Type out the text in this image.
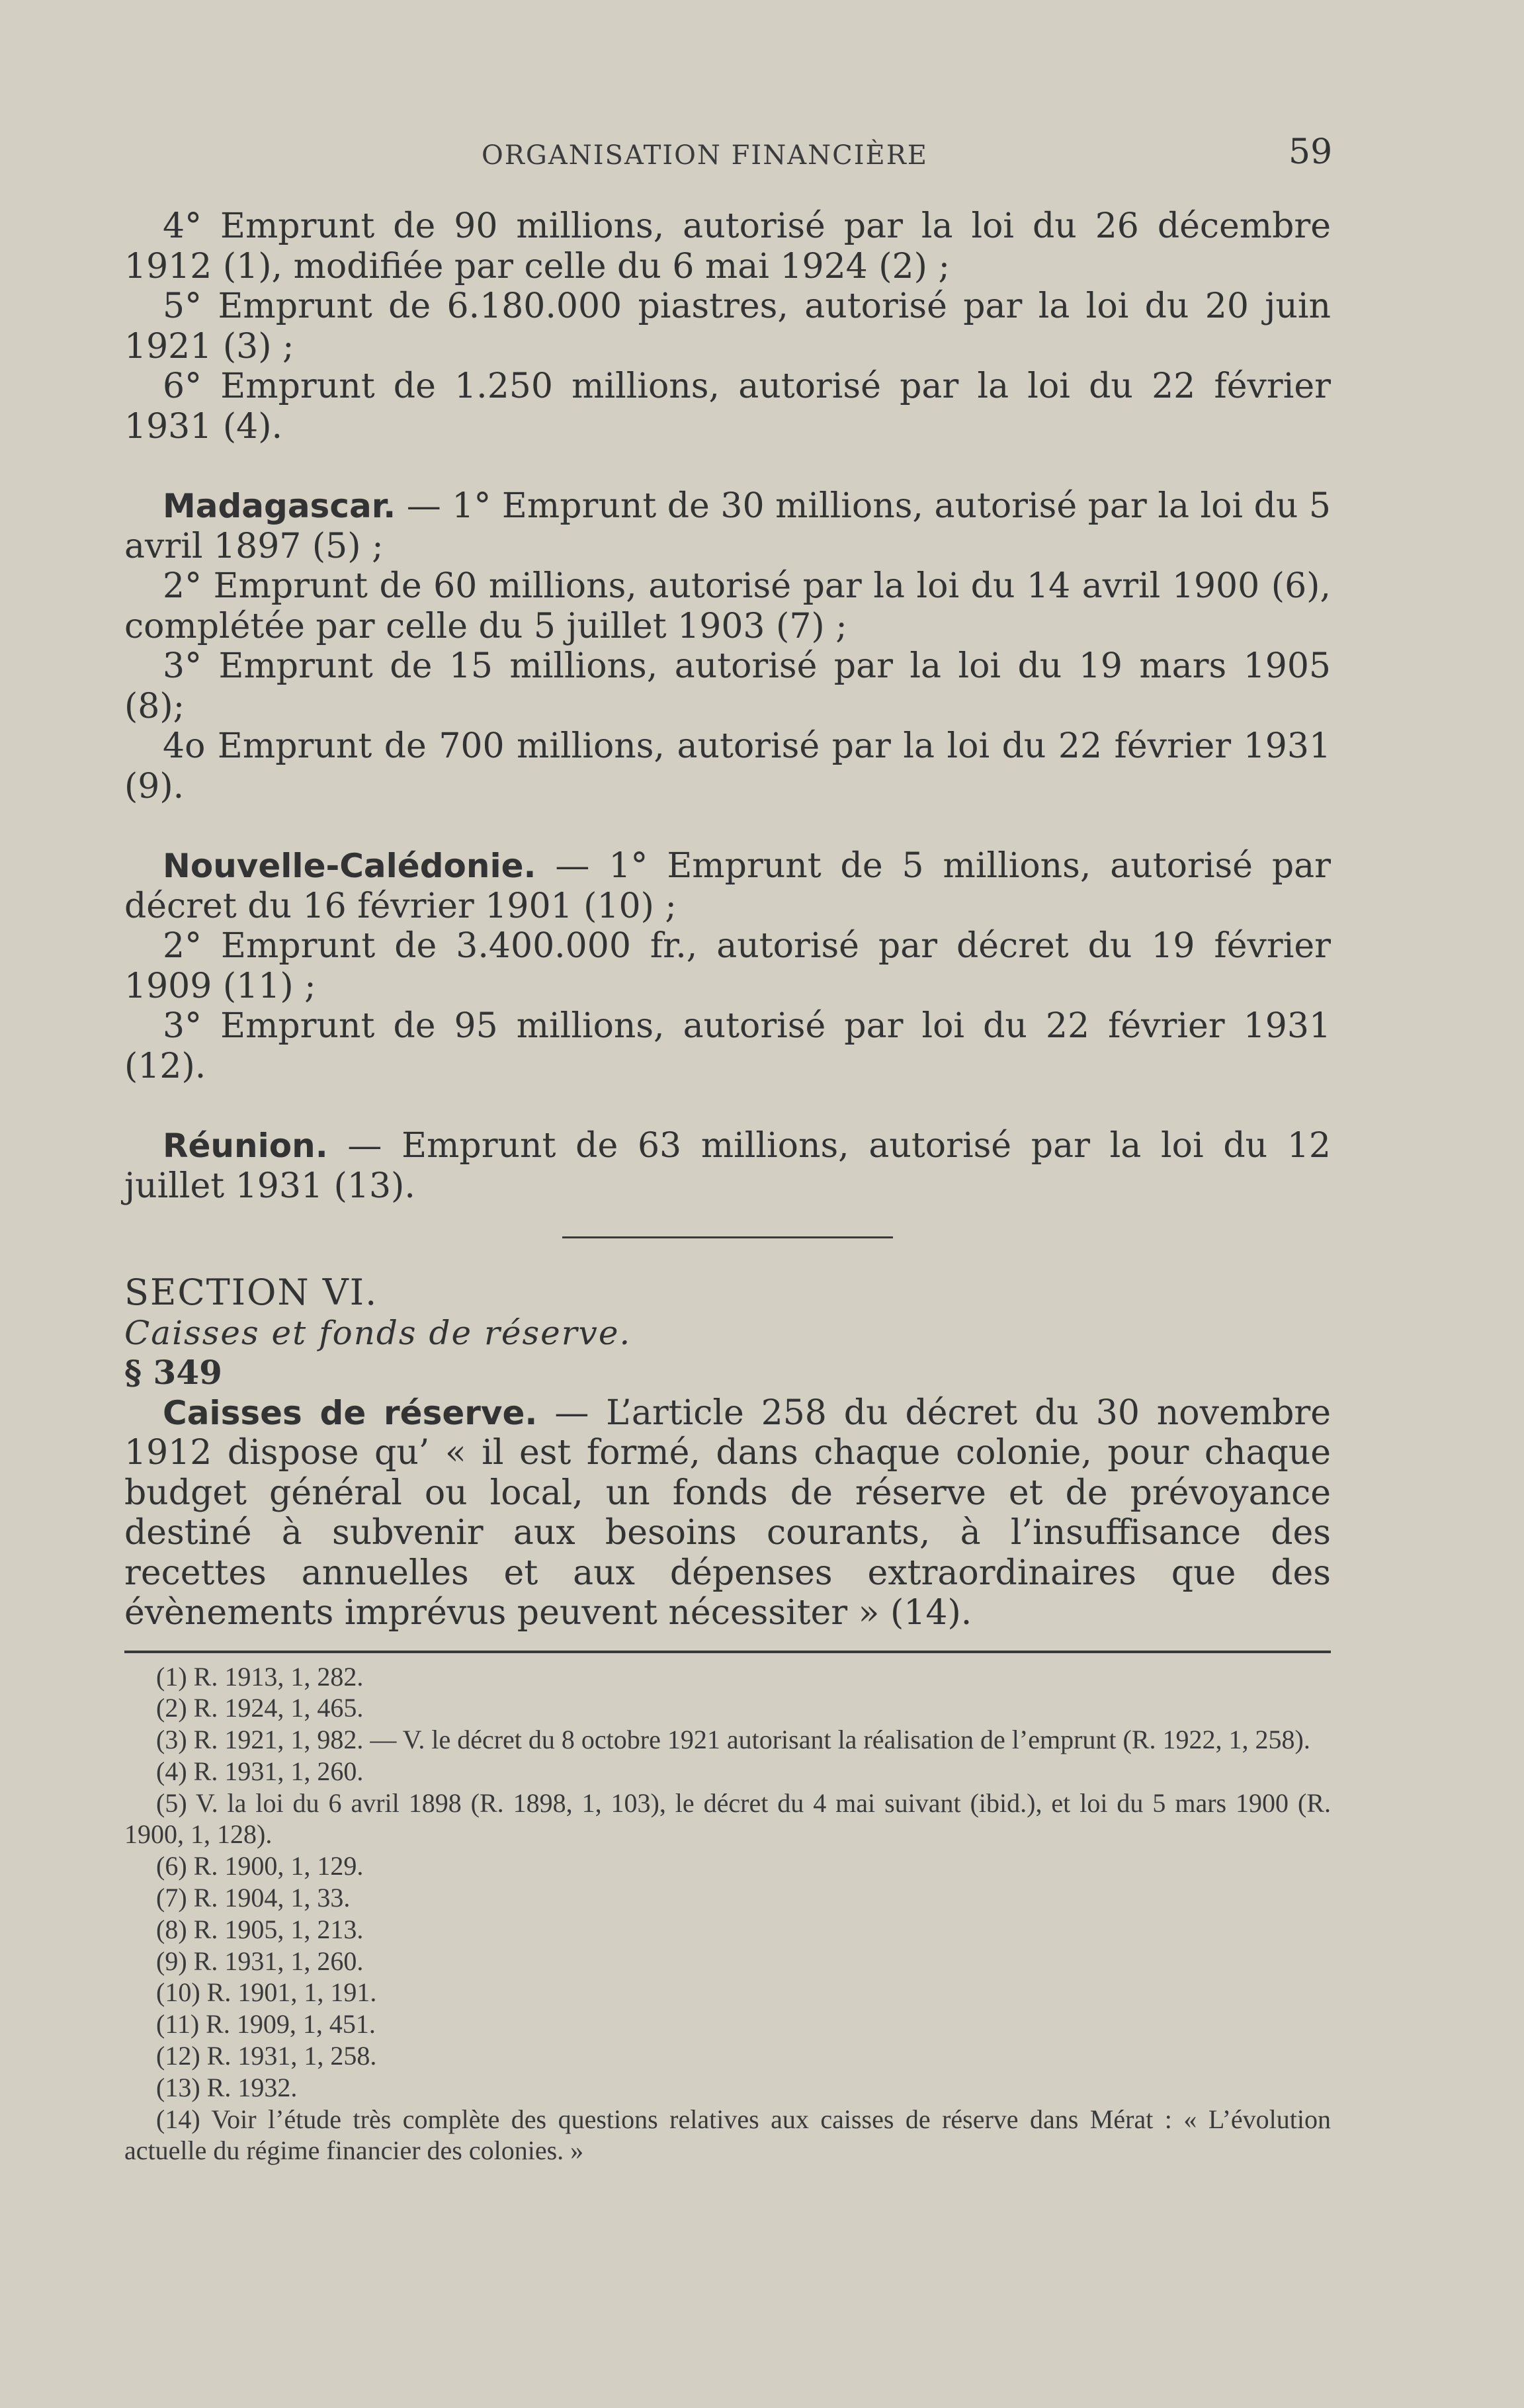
ORGANISATION FINANCIÈRE	59

4° Emprunt de 90 millions, autorisé par la loi du 26 décembre 1912 (1), modifiée par celle du 6 mai 1924 (2) ;

5° Emprunt de 6.180.000 piastres, autorisé par la loi du 20 juin 1921 (3) ;

6° Emprunt de 1.250 millions, autorisé par la loi du 22 février 1931 (4).

Madagascar. — 1° Emprunt de 30 millions, autorisé par la loi du 5 avril 1897 (5) ;

2° Emprunt de 60 millions, autorisé par la loi du 14 avril 1900 (6), complétée par celle du 5 juillet 1903 (7) ;

3° Emprunt de 15 millions, autorisé par la loi du 19 mars 1905 (8);

4o Emprunt de 700 millions, autorisé par la loi du 22 février 1931 (9).

Nouvelle-Calédonie. — 1° Emprunt de 5 millions, autorisé par décret du 16 février 1901 (10) ;

2° Emprunt de 3.400.000 fr., autorisé par décret du 19 février 1909 (11) ;

3° Emprunt de 95 millions, autorisé par loi du 22 février 1931 (12).

Réunion. — Emprunt de 63 millions, autorisé par la loi du 12 juillet 1931 (13).

SECTION VI.

Caisses et fonds de réserve.

§ 349

Caisses de réserve. — L’article 258 du décret du 30 novembre 1912 dispose qu’ « il est formé, dans chaque colonie, pour chaque budget général ou local, un fonds de réserve et de prévoyance destiné à subvenir aux besoins courants, à l’insuffisance des recettes annuelles et aux dépenses extraordinaires que des évènements imprévus peuvent nécessiter » (14).

(1) R. 1913, 1, 282.
(2) R. 1924, 1, 465.
(3) R. 1921, 1, 982. — V. le décret du 8 octobre 1921 autorisant la réalisation de l’emprunt (R. 1922, 1, 258).
(4) R. 1931, 1, 260.
(5) V. la loi du 6 avril 1898 (R. 1898, 1, 103), le décret du 4 mai suivant (ibid.), et loi du 5 mars 1900 (R. 1900, 1, 128).
(6) R. 1900, 1, 129.
(7) R. 1904, 1, 33.
(8) R. 1905, 1, 213.
(9) R. 1931, 1, 260.
(10) R. 1901, 1, 191.
(11) R. 1909, 1, 451.
(12) R. 1931, 1, 258.
(13) R. 1932.
(14) Voir l’étude très complète des questions relatives aux caisses de réserve dans Mérat : « L’évolution actuelle du régime financier des colonies. »
